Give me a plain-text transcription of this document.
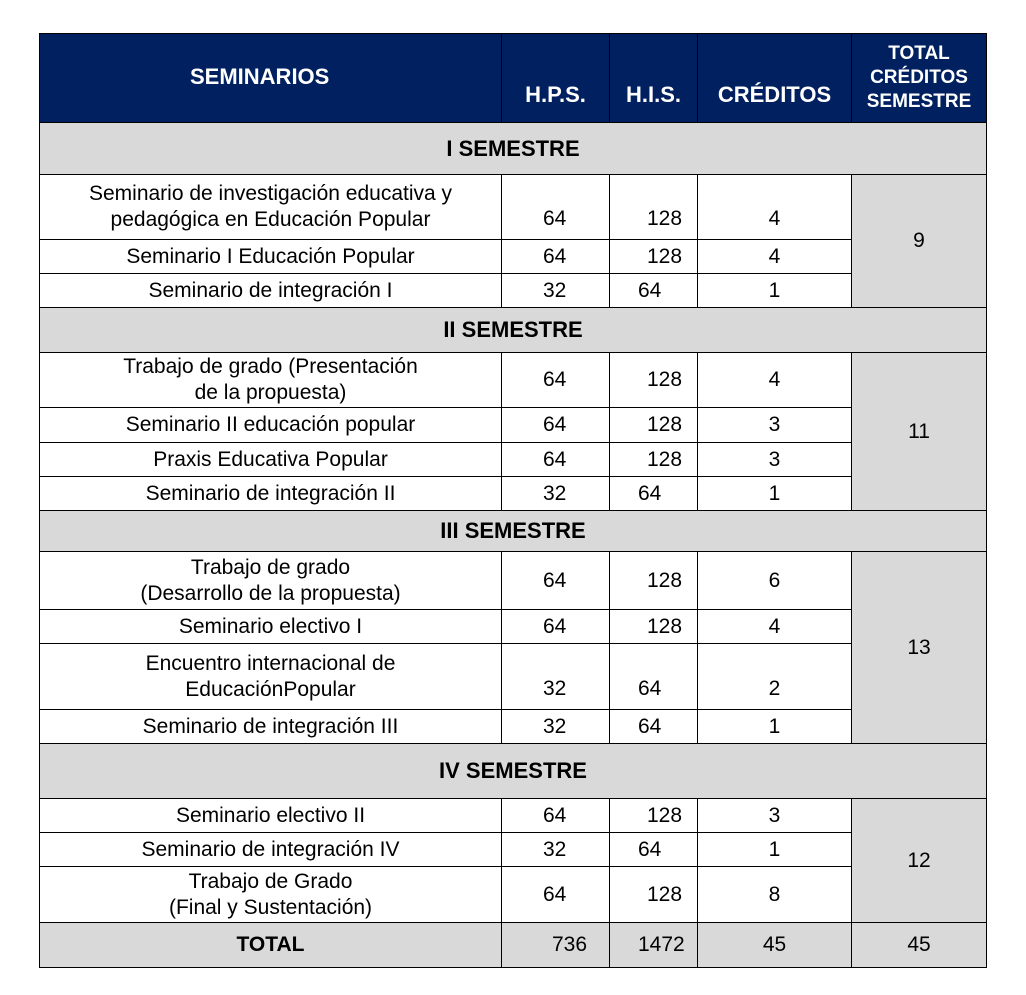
SEMINARIOS	H.P.S.	H.I.S.	CRÉDITOS	TOTAL
CRÉDITOS
SEMESTRE

I SEMESTRE				

Seminario de investigación educativa y
pedagógica en Educación Popular	64	128	4	9

Seminario I Educación Popular	64	128	4	

Seminario de integración I	32	64	1	
II SEMESTRE				

Trabajo de grado (Presentación
de la propuesta)	64	128	4	11

Seminario II educación popular	64	128	3	

Praxis Educativa Popular	64	128	3	

Seminario de integración II	32	64	1	
III SEMESTRE				

Trabajo de grado
(Desarrollo de la propuesta)	64	128	6	13

Seminario electivo I	64	128	4	

Encuentro internacional de
EducaciónPopular	32	64	2	

Seminario de integración III	32	64	1	
IV SEMESTRE				

Seminario electivo II	64	128	3	12

Seminario de integración IV	32	64	1	

Trabajo de Grado
(Final y Sustentación)	64	128	8	
TOTAL	736	1472	45	45
